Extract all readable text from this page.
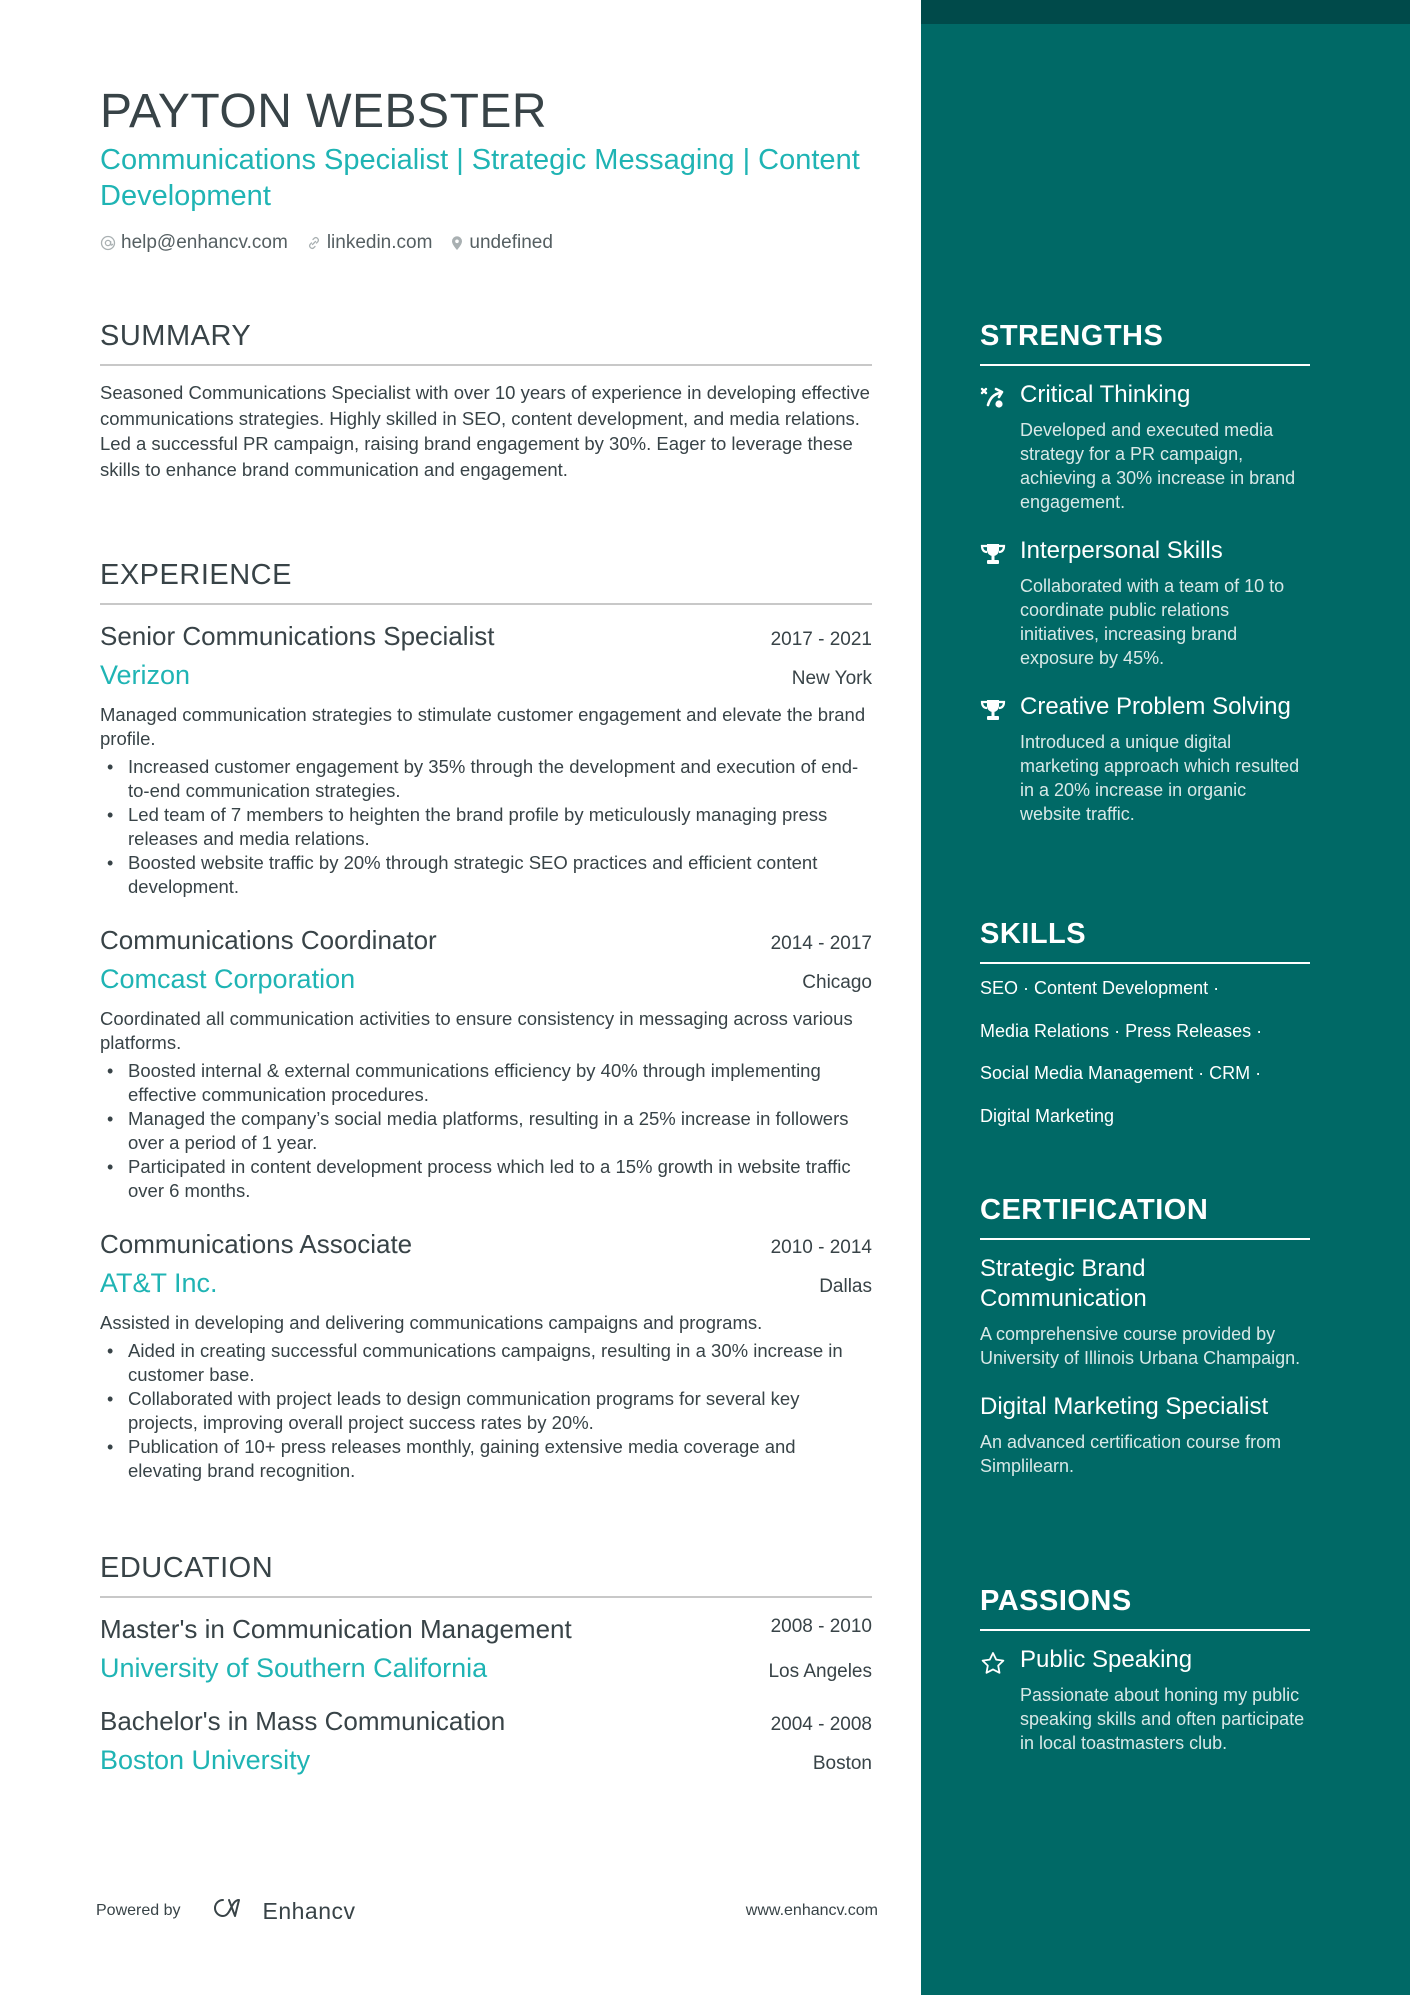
PAYTON WEBSTER
Communications Specialist | Strategic Messaging | Content Development
help@enhancv.com linkedin.com undefined
SUMMARY

Seasoned Communications Specialist with over 10 years of experience in developing effective communications strategies. Highly skilled in SEO, content development, and media relations. Led a successful PR campaign, raising brand engagement by 30%. Eager to leverage these skills to enhance brand communication and engagement.

EXPERIENCE
Senior Communications Specialist	2017 - 2021
Verizon	New York

Managed communication strategies to stimulate customer engagement and elevate the brand profile.

• Increased customer engagement by 35% through the development and execution of end-to-end communication strategies.
• Led team of 7 members to heighten the brand profile by meticulously managing press releases and media relations.
• Boosted website traffic by 20% through strategic SEO practices and efficient content development.
Communications Coordinator	2014 - 2017
Comcast Corporation	Chicago

Coordinated all communication activities to ensure consistency in messaging across various platforms.

• Boosted internal & external communications efficiency by 40% through implementing effective communication procedures.
• Managed the company’s social media platforms, resulting in a 25% increase in followers over a period of 1 year.
• Participated in content development process which led to a 15% growth in website traffic over 6 months.
Communications Associate	2010 - 2014
AT&T Inc.	Dallas

Assisted in developing and delivering communications campaigns and programs.

• Aided in creating successful communications campaigns, resulting in a 30% increase in customer base.
• Collaborated with project leads to design communication programs for several key projects, improving overall project success rates by 20%.
• Publication of 10+ press releases monthly, gaining extensive media coverage and elevating brand recognition.
EDUCATION
Master's in Communication Management	2008 - 2010
University of Southern California	Los Angeles
Bachelor's in Mass Communication	2004 - 2008
Boston University	Boston
Powered by	Enhancv	www.enhancv.com
STRENGTHS
Critical Thinking
Developed and executed media strategy for a PR campaign, achieving a 30% increase in brand engagement.
Interpersonal Skills
Collaborated with a team of 10 to coordinate public relations initiatives, increasing brand exposure by 45%.
Creative Problem Solving
Introduced a unique digital marketing approach which resulted in a 20% increase in organic website traffic.
SKILLS
SEO · Content Development ·
Media Relations · Press Releases ·
Social Media Management · CRM ·
Digital Marketing
CERTIFICATION
Strategic Brand Communication
A comprehensive course provided by University of Illinois Urbana Champaign.
Digital Marketing Specialist
An advanced certification course from Simplilearn.
PASSIONS
Public Speaking
Passionate about honing my public speaking skills and often participate in local toastmasters club.
